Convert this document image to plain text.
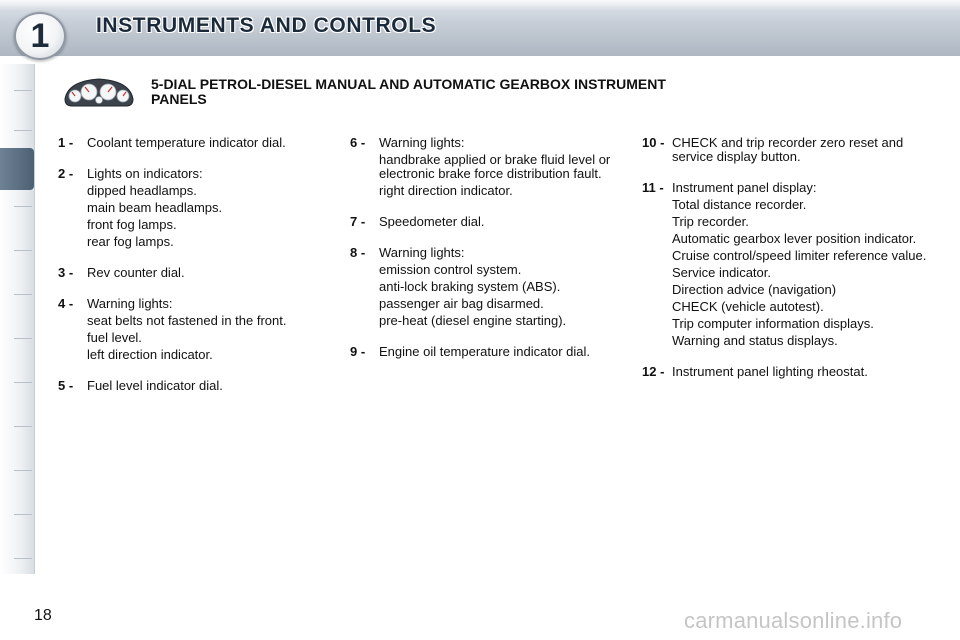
1	INSTRUMENTS AND CONTROLS
5-DIAL PETROL-DIESEL MANUAL AND AUTOMATIC GEARBOX INSTRUMENT PANELS
1 -	Coolant temperature indicator dial.
2 -	Lights on indicators:
dipped headlamps.
main beam headlamps.
front fog lamps.
rear fog lamps.
3 -	Rev counter dial.
4 -	Warning lights:
seat belts not fastened in the front.
fuel level.
left direction indicator.
5 -	Fuel level indicator dial.
6 -	Warning lights:
handbrake applied or brake fluid level or electronic brake force distribution fault.
right direction indicator.
7 -	Speedometer dial.
8 -	Warning lights:
emission control system.
anti-lock braking system (ABS).
passenger air bag disarmed.
pre-heat (diesel engine starting).
9 -	Engine oil temperature indicator dial.
10 - CHECK and trip recorder zero reset and service display button.
11 - Instrument panel display:
Total distance recorder.
Trip recorder.
Automatic gearbox lever position indicator.
Cruise control/speed limiter reference value.
Service indicator.
Direction advice (navigation)
CHECK (vehicle autotest).
Trip computer information displays.
Warning and status displays.
12 - Instrument panel lighting rheostat.
18	carmanualsonline.info
